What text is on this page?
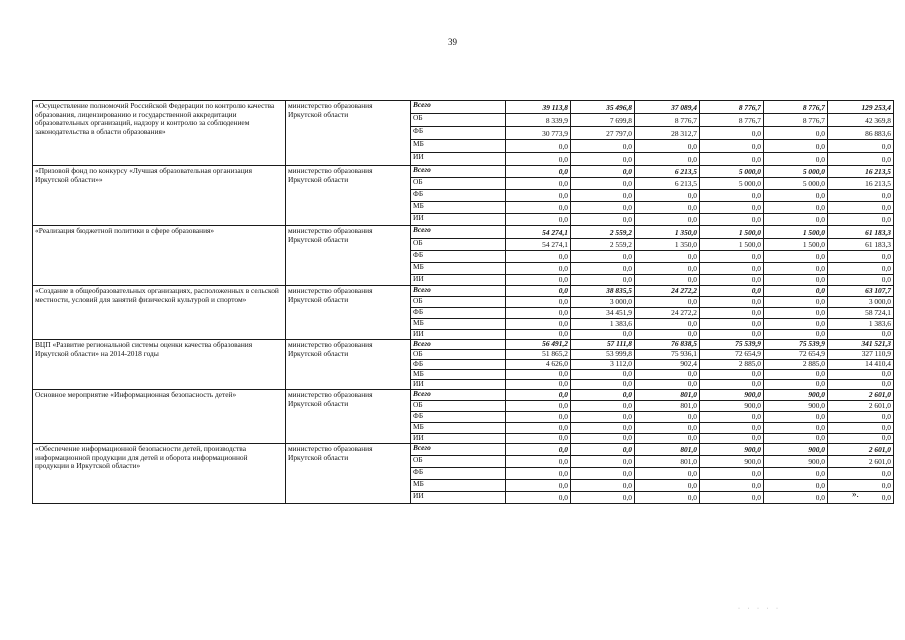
39
«Осуществление полномочий Российской Федерации по контролю качества образования, лицензированию и государственной аккредитации образовательных организаций, надзору и контролю за соблюдением законодательства в области образования»	министерство образования Иркутской области	Всего	39 113,8	35 496,8	37 089,4	8 776,7	8 776,7	129 253,4
		ОБ	8 339,9	7 699,8	8 776,7	8 776,7	8 776,7	42 369,8
		ФБ	30 773,9	27 797,0	28 312,7	0,0	0,0	86 883,6
		МБ	0,0	0,0	0,0	0,0	0,0	0,0
		ИИ	0,0	0,0	0,0	0,0	0,0	0,0
«Призовой фонд по конкурсу «Лучшая образовательная организация Иркутской области»»	министерство образования Иркутской области	Всего	0,0	0,0	6 213,5	5 000,0	5 000,0	16 213,5
		ОБ	0,0	0,0	6 213,5	5 000,0	5 000,0	16 213,5
		ФБ	0,0	0,0	0,0	0,0	0,0	0,0
		МБ	0,0	0,0	0,0	0,0	0,0	0,0
		ИИ	0,0	0,0	0,0	0,0	0,0	0,0
«Реализация бюджетной политики в сфере образования»	министерство образования Иркутской области	Всего	54 274,1	2 559,2	1 350,0	1 500,0	1 500,0	61 183,3
		ОБ	54 274,1	2 559,2	1 350,0	1 500,0	1 500,0	61 183,3
		ФБ	0,0	0,0	0,0	0,0	0,0	0,0
		МБ	0,0	0,0	0,0	0,0	0,0	0,0
		ИИ	0,0	0,0	0,0	0,0	0,0	0,0
«Создание в общеобразовательных организациях, расположенных в сельской местности, условий для занятий физической культурой и спортом»	министерство образования Иркутской области	Всего	0,0	38 835,5	24 272,2	0,0	0,0	63 107,7
		ОБ	0,0	3 000,0	0,0	0,0	0,0	3 000,0
		ФБ	0,0	34 451,9	24 272,2	0,0	0,0	58 724,1
		МБ	0,0	1 383,6	0,0	0,0	0,0	1 383,6
		ИИ	0,0	0,0	0,0	0,0	0,0	0,0
ВЦП «Развитие региональной системы оценки качества образования Иркутской области» на 2014-2018 годы	министерство образования Иркутской области	Всего	56 491,2	57 111,8	76 838,5	75 539,9	75 539,9	341 521,3
		ОБ	51 865,2	53 999,8	75 936,1	72 654,9	72 654,9	327 110,9
		ФБ	4 626,0	3 112,0	902,4	2 885,0	2 885,0	14 410,4
		МБ	0,0	0,0	0,0	0,0	0,0	0,0
		ИИ	0,0	0,0	0,0	0,0	0,0	0,0
Основное мероприятие «Информационная безопасность детей»	министерство образования Иркутской области	Всего	0,0	0,0	801,0	900,0	900,0	2 601,0
		ОБ	0,0	0,0	801,0	900,0	900,0	2 601,0
		ФБ	0,0	0,0	0,0	0,0	0,0	0,0
		МБ	0,0	0,0	0,0	0,0	0,0	0,0
		ИИ	0,0	0,0	0,0	0,0	0,0	0,0
«Обеспечение информационной безопасности детей, производства информационной продукции для детей и оборота информационной продукции в Иркутской области»	министерство образования Иркутской области	Всего	0,0	0,0	801,0	900,0	900,0	2 601,0
		ОБ	0,0	0,0	801,0	900,0	900,0	2 601,0
		ФБ	0,0	0,0	0,0	0,0	0,0	0,0
		МБ	0,0	0,0	0,0	0,0	0,0	0,0
		ИИ	0,0	0,0	0,0	0,0	0,0	0,0
».
· · · · ·
